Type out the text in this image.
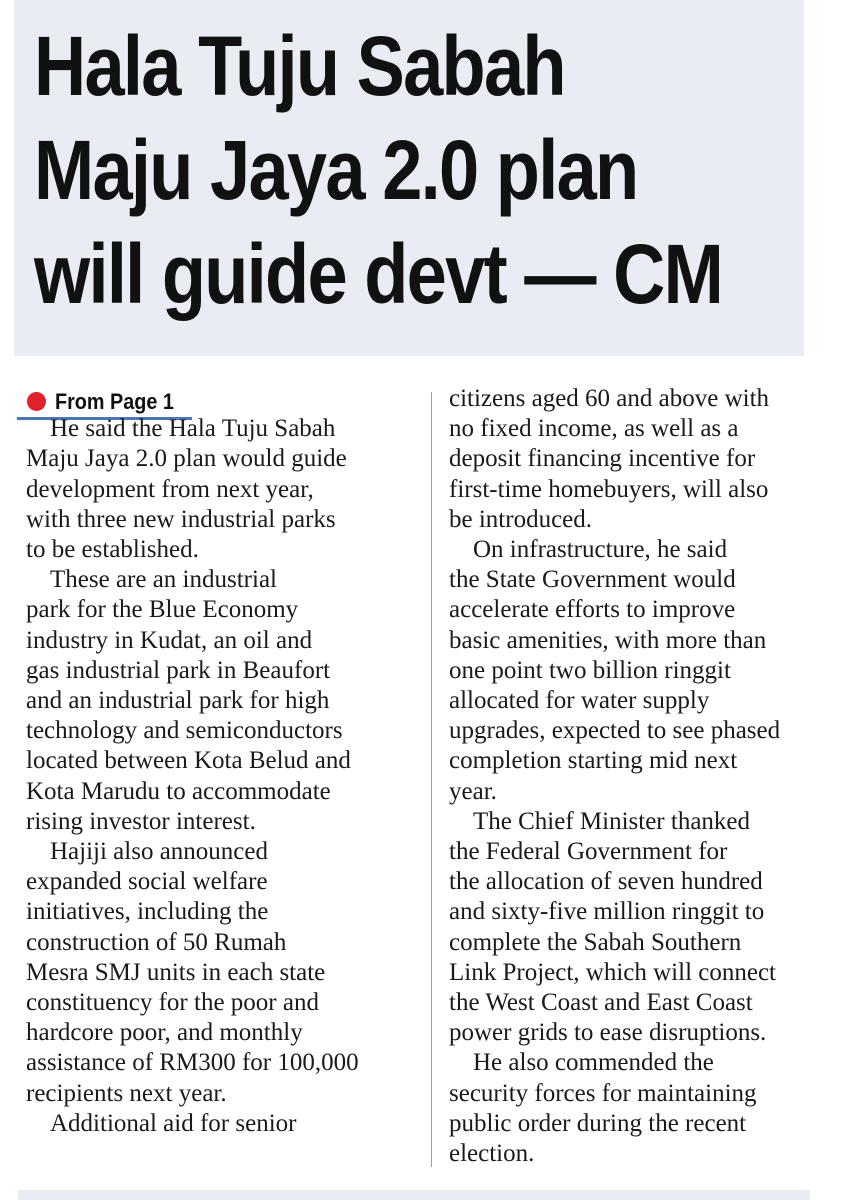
Hala Tuju Sabah
Maju Jaya 2.0 plan
will guide devt — CM
From Page 1
He said the Hala Tuju Sabah
Maju Jaya 2.0 plan would guide
development from next year,
with three new industrial parks
to be established.
These are an industrial
park for the Blue Economy
industry in Kudat, an oil and
gas industrial park in Beaufort
and an industrial park for high
technology and semiconductors
located between Kota Belud and
Kota Marudu to accommodate
rising investor interest.
Hajiji also announced
expanded social welfare
initiatives, including the
construction of 50 Rumah
Mesra SMJ units in each state
constituency for the poor and
hardcore poor, and monthly
assistance of RM300 for 100,000
recipients next year.
Additional aid for senior
citizens aged 60 and above with
no fixed income, as well as a
deposit financing incentive for
first-time homebuyers, will also
be introduced.
On infrastructure, he said
the State Government would
accelerate efforts to improve
basic amenities, with more than
one point two billion ringgit
allocated for water supply
upgrades, expected to see phased
completion starting mid next
year.
The Chief Minister thanked
the Federal Government for
the allocation of seven hundred
and sixty-five million ringgit to
complete the Sabah Southern
Link Project, which will connect
the West Coast and East Coast
power grids to ease disruptions.
He also commended the
security forces for maintaining
public order during the recent
election.
